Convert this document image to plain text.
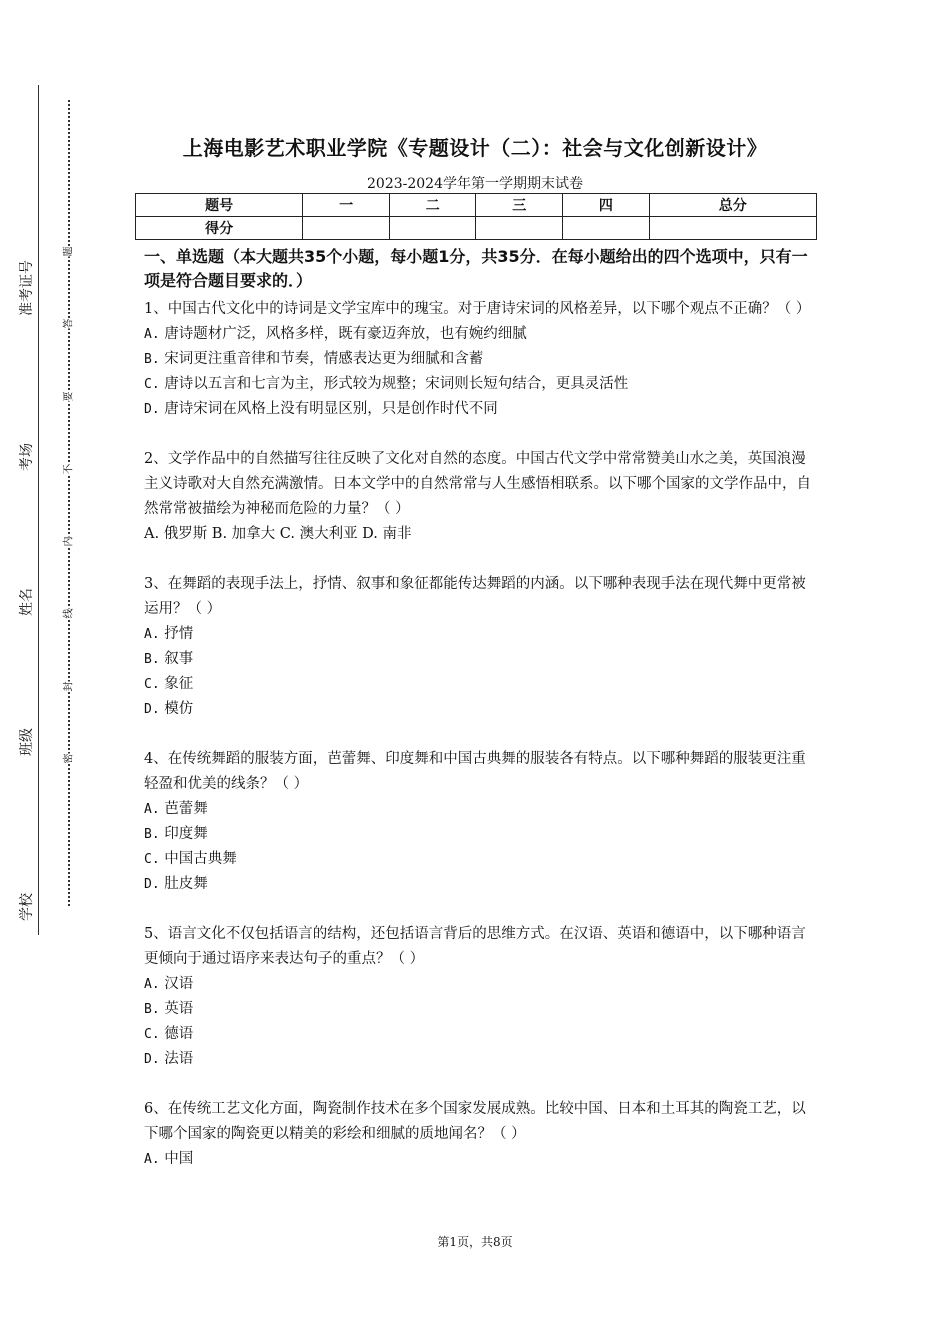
准考证号
考场
姓名
班级
学校
题
答
要
不
内
线
封
密
上海电影艺术职业学院《专题设计（二）：社会与文化创新设计》
2023-2024学年第一学期期末试卷
题号	一	二	三	四	总分
得分					

一、单选题（本大题共35个小题，每小题1分，共35分．在每小题给出的四个选项中，只有一项是符合题目要求的．）

1、中国古代文化中的诗词是文学宝库中的瑰宝。对于唐诗宋词的风格差异，以下哪个观点不正确？（ ）

A. 唐诗题材广泛，风格多样，既有豪迈奔放，也有婉约细腻

B. 宋词更注重音律和节奏，情感表达更为细腻和含蓄

C. 唐诗以五言和七言为主，形式较为规整；宋词则长短句结合，更具灵活性

D. 唐诗宋词在风格上没有明显区别，只是创作时代不同

2、文学作品中的自然描写往往反映了文化对自然的态度。中国古代文学中常常赞美山水之美，英国浪漫主义诗歌对大自然充满激情。日本文学中的自然常常与人生感悟相联系。以下哪个国家的文学作品中，自然常常被描绘为神秘而危险的力量？（ ）

A. 俄罗斯 B. 加拿大 C. 澳大利亚 D. 南非

3、在舞蹈的表现手法上，抒情、叙事和象征都能传达舞蹈的内涵。以下哪种表现手法在现代舞中更常被运用？（ ）

A. 抒情

B. 叙事

C. 象征

D. 模仿

4、在传统舞蹈的服装方面，芭蕾舞、印度舞和中国古典舞的服装各有特点。以下哪种舞蹈的服装更注重轻盈和优美的线条？（ ）

A. 芭蕾舞

B. 印度舞

C. 中国古典舞

D. 肚皮舞

5、语言文化不仅包括语言的结构，还包括语言背后的思维方式。在汉语、英语和德语中，以下哪种语言更倾向于通过语序来表达句子的重点？（ ）

A. 汉语

B. 英语

C. 德语

D. 法语

6、在传统工艺文化方面，陶瓷制作技术在多个国家发展成熟。比较中国、日本和土耳其的陶瓷工艺，以下哪个国家的陶瓷更以精美的彩绘和细腻的质地闻名？（ ）

A. 中国

第1页，共8页
